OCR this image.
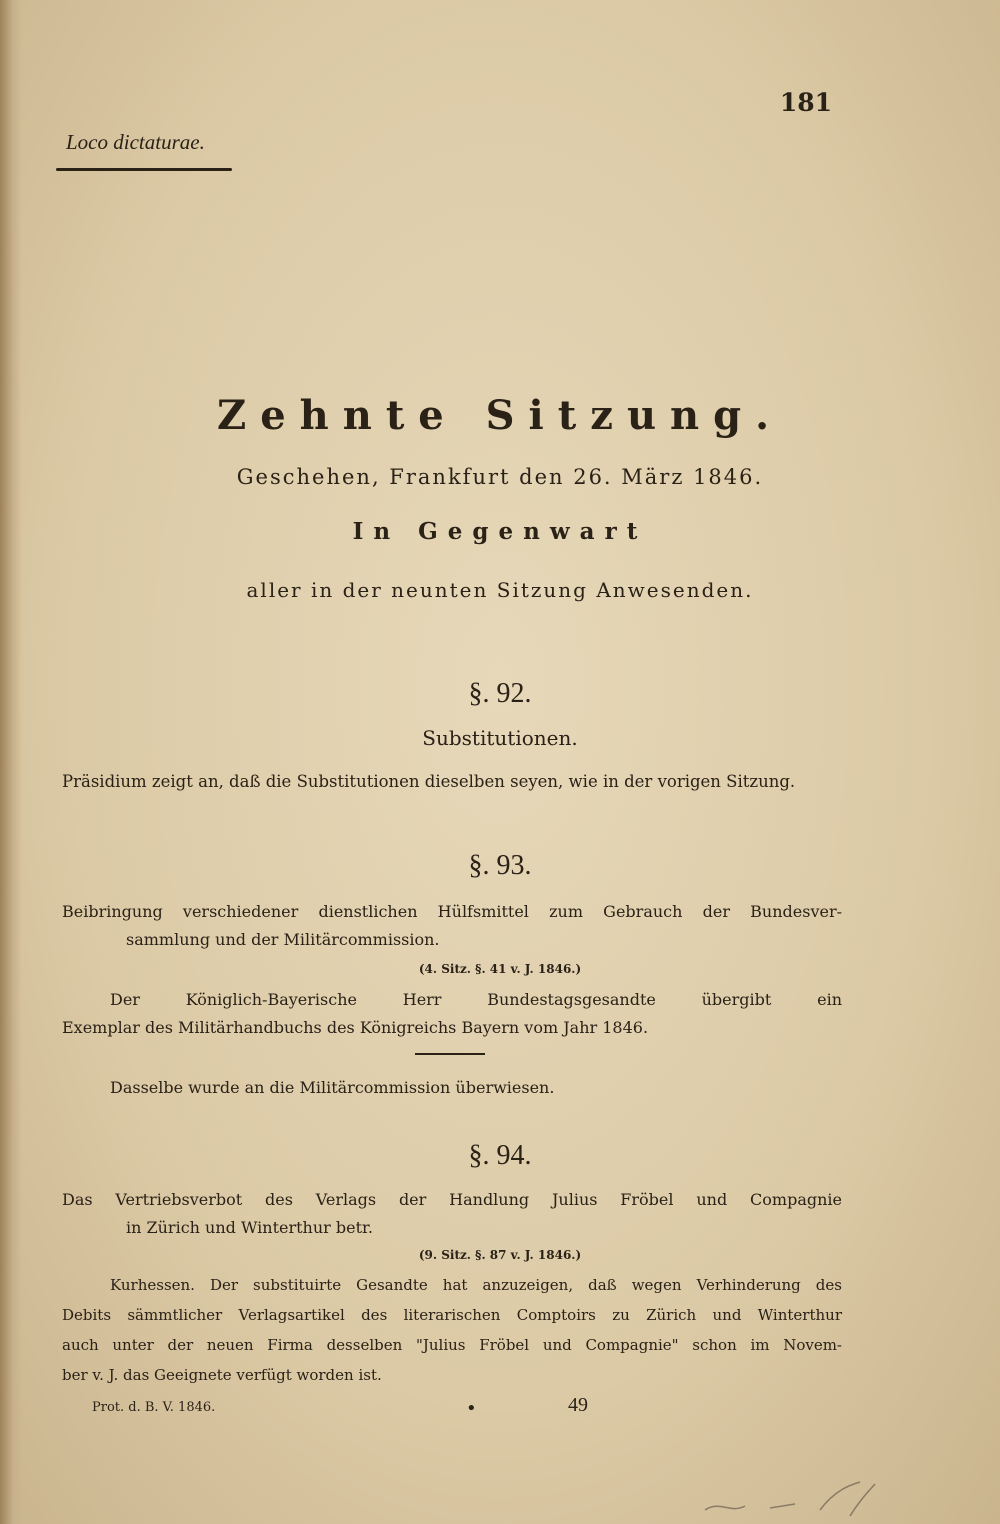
181
Loco dictaturae.
Zehnte Sitzung.
Geschehen, Frankfurt den 26. März 1846.
In Gegenwart
aller in der neunten Sitzung Anwesenden.
§. 92.
Substitutionen.
Präsidium zeigt an, daß die Substitutionen dieselben seyen, wie in der vorigen Sitzung.
§. 93.
Beibringung verschiedener dienstlichen Hülfsmittel zum Gebrauch der Bundesver-
sammlung und der Militärcommission.
(4. Sitz. §. 41 v. J. 1846.)
Der Königlich-Bayerische Herr Bundestagsgesandte übergibt ein
Exemplar des Militärhandbuchs des Königreichs Bayern vom Jahr 1846.
Dasselbe wurde an die Militärcommission überwiesen.
§. 94.
Das Vertriebsverbot des Verlags der Handlung Julius Fröbel und Compagnie
in Zürich und Winterthur betr.
(9. Sitz. §. 87 v. J. 1846.)
Kurhessen. Der substituirte Gesandte hat anzuzeigen, daß wegen Verhinderung des
Debits sämmtlicher Verlagsartikel des literarischen Comptoirs zu Zürich und Winterthur
auch unter der neuen Firma desselben "Julius Fröbel und Compagnie" schon im Novem-
ber v. J. das Geeignete verfügt worden ist.
Prot. d. B. V. 1846.	•	49
